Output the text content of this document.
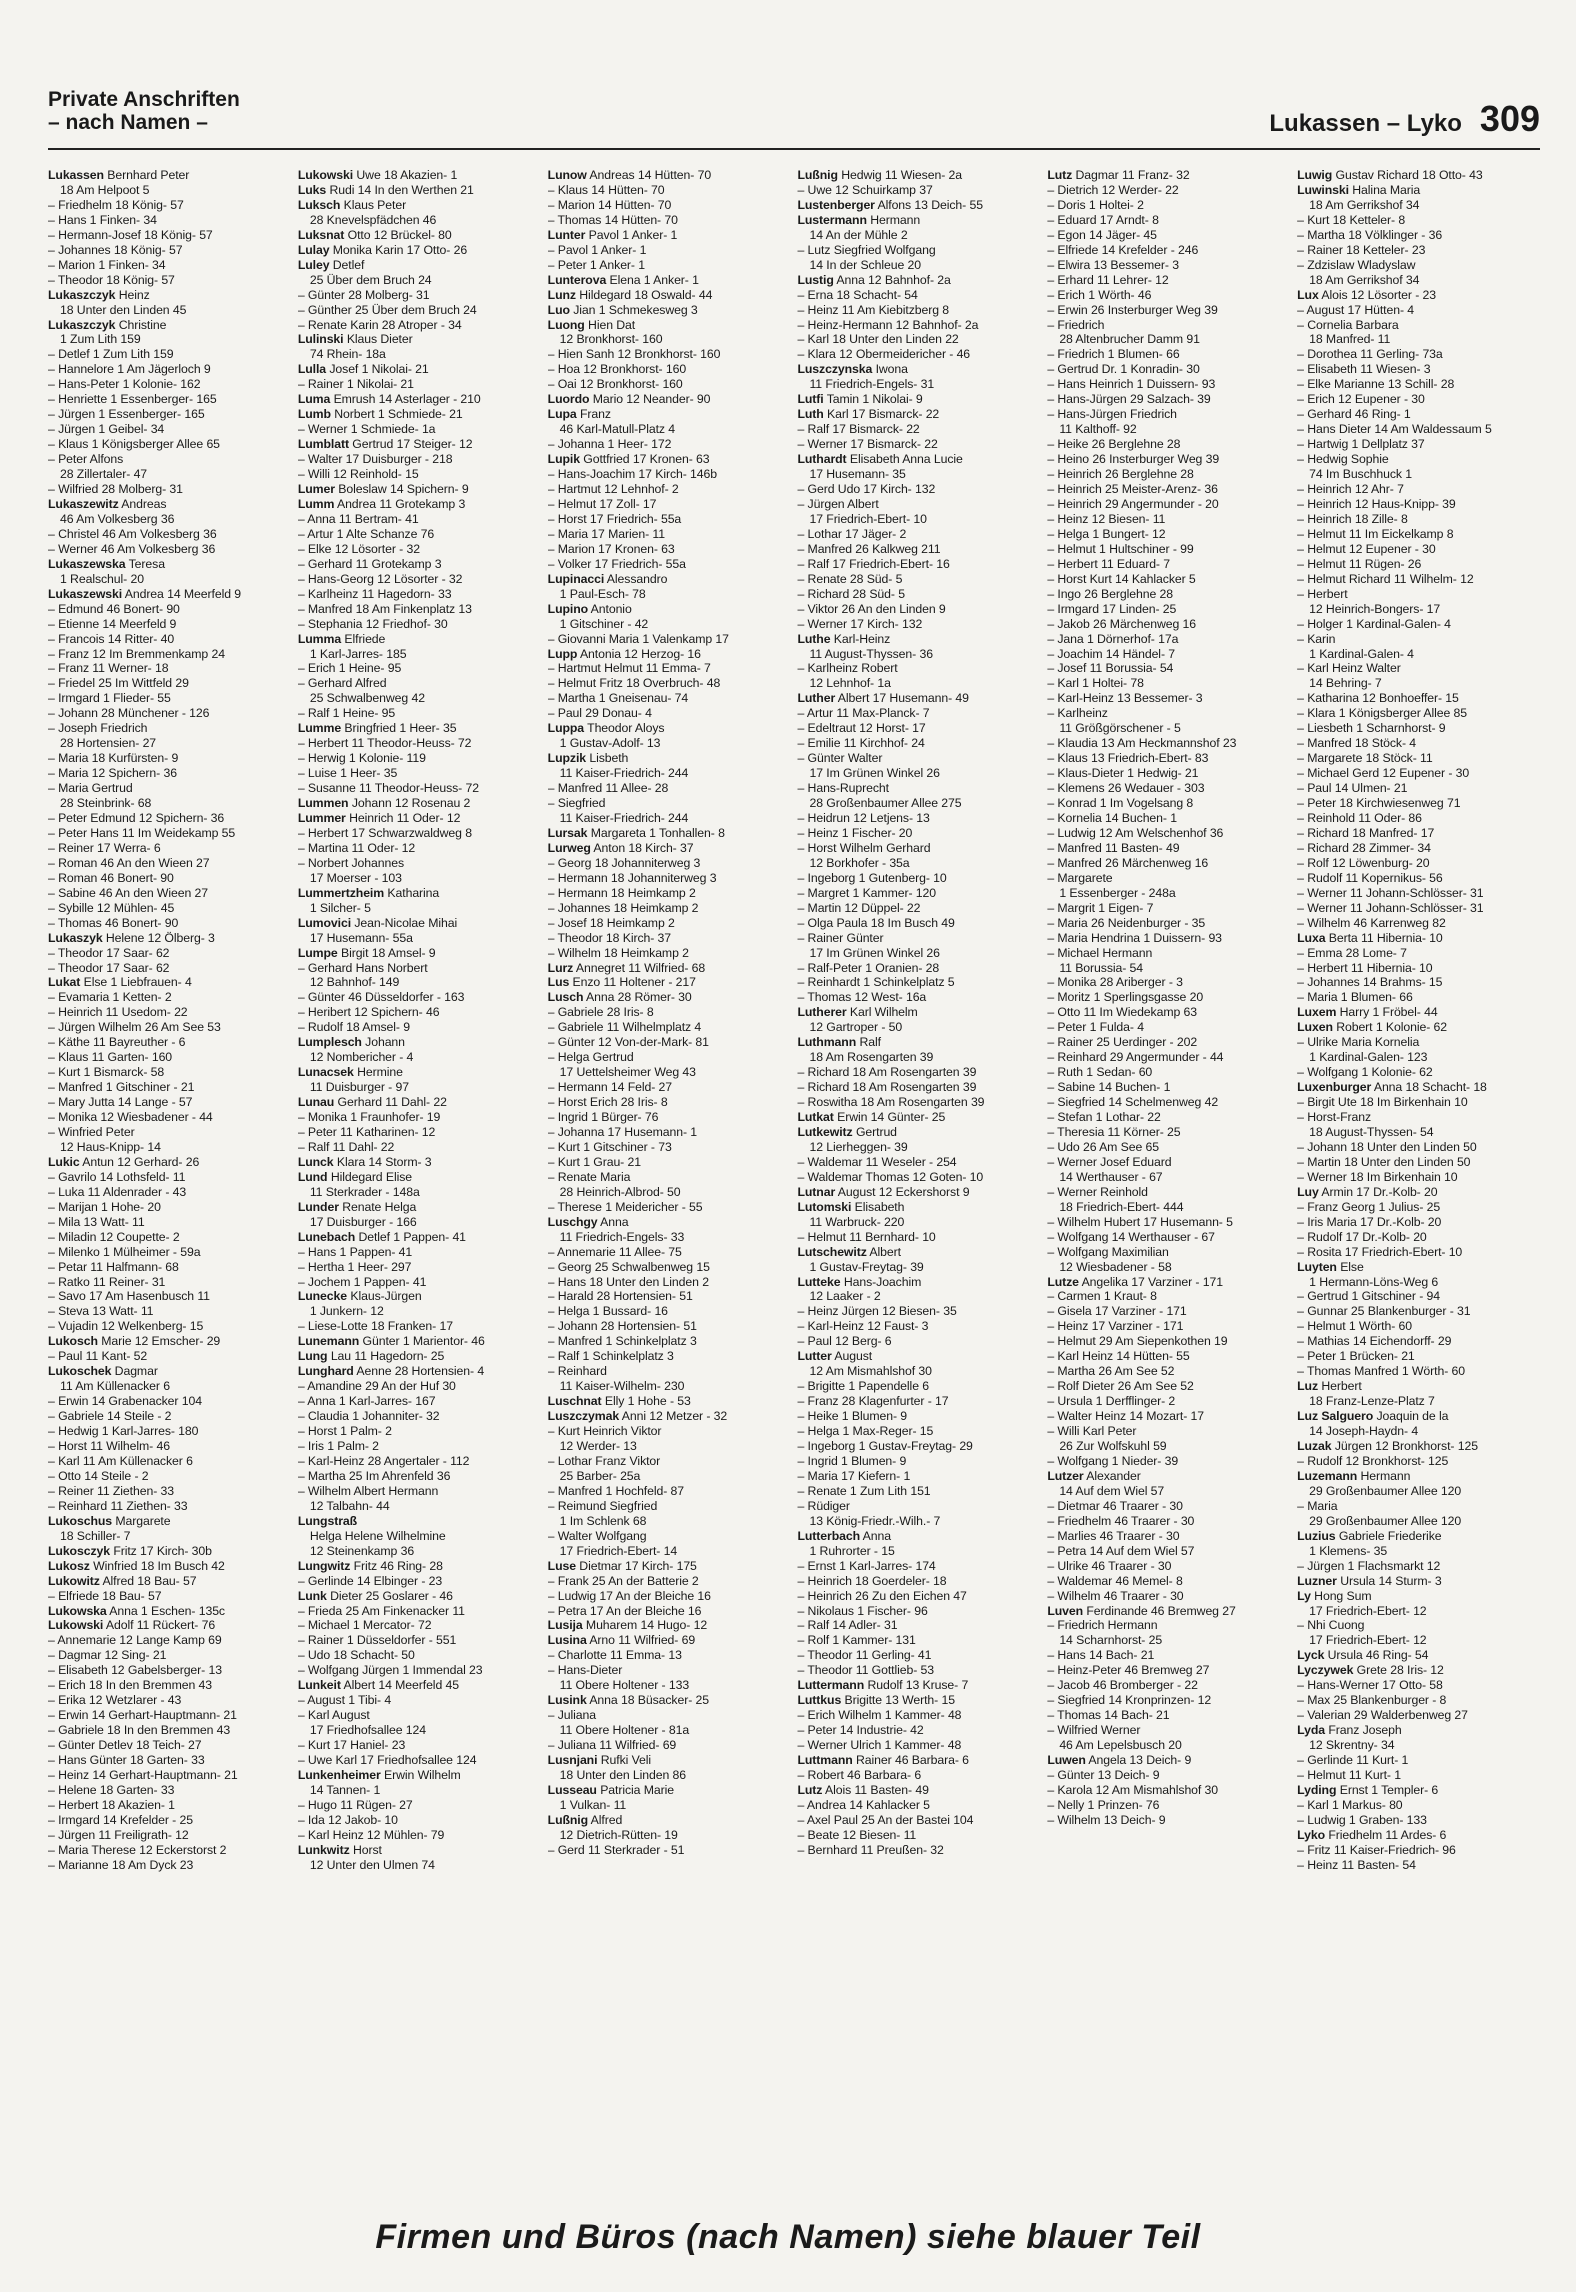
Private Anschriften
– nach Namen –	Lukassen – Lyko 309
Lukassen Bernhard Peter
18 Am Helpoot 5
– Friedhelm 18 König- 57
– Hans 1 Finken- 34
– Hermann-Josef 18 König- 57
– Johannes 18 König- 57
– Marion 1 Finken- 34
– Theodor 18 König- 57
Lukaszczyk Heinz
18 Unter den Linden 45
Lukaszczyk Christine
1 Zum Lith 159
– Detlef 1 Zum Lith 159
– Hannelore 1 Am Jägerloch 9
– Hans-Peter 1 Kolonie- 162
– Henriette 1 Essenberger- 165
– Jürgen 1 Essenberger- 165
– Jürgen 1 Geibel- 34
– Klaus 1 Königsberger Allee 65
– Peter Alfons
28 Zillertaler- 47
– Wilfried 28 Molberg- 31
Lukaszewitz Andreas
46 Am Volkesberg 36
– Christel 46 Am Volkesberg 36
– Werner 46 Am Volkesberg 36
Lukaszewska Teresa
1 Realschul- 20
Lukaszewski Andrea 14 Meerfeld 9
– Edmund 46 Bonert- 90
– Etienne 14 Meerfeld 9
– Francois 14 Ritter- 40
– Franz 12 Im Bremmenkamp 24
– Franz 11 Werner- 18
– Friedel 25 Im Wittfeld 29
– Irmgard 1 Flieder- 55
– Johann 28 Münchener - 126
– Joseph Friedrich
28 Hortensien- 27
– Maria 18 Kurfürsten- 9
– Maria 12 Spichern- 36
– Maria Gertrud
28 Steinbrink- 68
– Peter Edmund 12 Spichern- 36
– Peter Hans 11 Im Weidekamp 55
– Reiner 17 Werra- 6
– Roman 46 An den Wieen 27
– Roman 46 Bonert- 90
– Sabine 46 An den Wieen 27
– Sybille 12 Mühlen- 45
– Thomas 46 Bonert- 90
Lukaszyk Helene 12 Ölberg- 3
– Theodor 17 Saar- 62
– Theodor 17 Saar- 62
Lukat Else 1 Liebfrauen- 4
– Evamaria 1 Ketten- 2
– Heinrich 11 Usedom- 22
– Jürgen Wilhelm 26 Am See 53
– Käthe 11 Bayreuther - 6
– Klaus 11 Garten- 160
– Kurt 1 Bismarck- 58
– Manfred 1 Gitschiner - 21
– Mary Jutta 14 Lange - 57
– Monika 12 Wiesbadener - 44
– Winfried Peter
12 Haus-Knipp- 14
Lukic Antun 12 Gerhard- 26
– Gavrilo 14 Lothsfeld- 11
– Luka 11 Aldenrader - 43
– Marijan 1 Hohe- 20
– Mila 13 Watt- 11
– Miladin 12 Coupette- 2
– Milenko 1 Mülheimer - 59a
– Petar 11 Halfmann- 68
– Ratko 11 Reiner- 31
– Savo 17 Am Hasenbusch 11
– Steva 13 Watt- 11
– Vujadin 12 Welkenberg- 15
Lukosch Marie 12 Emscher- 29
– Paul 11 Kant- 52
Lukoschek Dagmar
11 Am Küllenacker 6
– Erwin 14 Grabenacker 104
– Gabriele 14 Steile - 2
– Hedwig 1 Karl-Jarres- 180
– Horst 11 Wilhelm- 46
– Karl 11 Am Küllenacker 6
– Otto 14 Steile - 2
– Reiner 11 Ziethen- 33
– Reinhard 11 Ziethen- 33
Lukoschus Margarete
18 Schiller- 7
Lukosczyk Fritz 17 Kirch- 30b
Lukosz Winfried 18 Im Busch 42
Lukowitz Alfred 18 Bau- 57
– Elfriede 18 Bau- 57
Lukowska Anna 1 Eschen- 135c
Lukowski Adolf 11 Rückert- 76
– Annemarie 12 Lange Kamp 69
– Dagmar 12 Sing- 21
– Elisabeth 12 Gabelsberger- 13
– Erich 18 In den Bremmen 43
– Erika 12 Wetzlarer - 43
– Erwin 14 Gerhart-Hauptmann- 21
– Gabriele 18 In den Bremmen 43
– Günter Detlev 18 Teich- 27
– Hans Günter 18 Garten- 33
– Heinz 14 Gerhart-Hauptmann- 21
– Helene 18 Garten- 33
– Herbert 18 Akazien- 1
– Irmgard 14 Krefelder - 25
– Jürgen 11 Freiligrath- 12
– Maria Therese 12 Eckerstorst 2
– Marianne 18 Am Dyck 23
Lukowski Uwe 18 Akazien- 1
Luks Rudi 14 In den Werthen 21
Luksch Klaus Peter
28 Knevelspfädchen 46
Luksnat Otto 12 Brückel- 80
Lulay Monika Karin 17 Otto- 26
Luley Detlef
25 Über dem Bruch 24
– Günter 28 Molberg- 31
– Günther 25 Über dem Bruch 24
– Renate Karin 28 Atroper - 34
Lulinski Klaus Dieter
74 Rhein- 18a
Lulla Josef 1 Nikolai- 21
– Rainer 1 Nikolai- 21
Luma Emrush 14 Asterlager - 210
Lumb Norbert 1 Schmiede- 21
– Werner 1 Schmiede- 1a
Lumblatt Gertrud 17 Steiger- 12
– Walter 17 Duisburger - 218
– Willi 12 Reinhold- 15
Lumer Boleslaw 14 Spichern- 9
Lumm Andrea 11 Grotekamp 3
– Anna 11 Bertram- 41
– Artur 1 Alte Schanze 76
– Elke 12 Lösorter - 32
– Gerhard 11 Grotekamp 3
– Hans-Georg 12 Lösorter - 32
– Karlheinz 11 Hagedorn- 33
– Manfred 18 Am Finkenplatz 13
– Stephania 12 Friedhof- 30
Lumma Elfriede
1 Karl-Jarres- 185
– Erich 1 Heine- 95
– Gerhard Alfred
25 Schwalbenweg 42
– Ralf 1 Heine- 95
Lumme Bringfried 1 Heer- 35
– Herbert 11 Theodor-Heuss- 72
– Herwig 1 Kolonie- 119
– Luise 1 Heer- 35
– Susanne 11 Theodor-Heuss- 72
Lummen Johann 12 Rosenau 2
Lummer Heinrich 11 Oder- 12
– Herbert 17 Schwarzwaldweg 8
– Martina 11 Oder- 12
– Norbert Johannes
17 Moerser - 103
Lummertzheim Katharina
1 Silcher- 5
Lumovici Jean-Nicolae Mihai
17 Husemann- 55a
Lumpe Birgit 18 Amsel- 9
– Gerhard Hans Norbert
12 Bahnhof- 149
– Günter 46 Düsseldorfer - 163
– Heribert 12 Spichern- 46
– Rudolf 18 Amsel- 9
Lumplesch Johann
12 Nombericher - 4
Lunacsek Hermine
11 Duisburger - 97
Lunau Gerhard 11 Dahl- 22
– Monika 1 Fraunhofer- 19
– Peter 11 Katharinen- 12
– Ralf 11 Dahl- 22
Lunck Klara 14 Storm- 3
Lund Hildegard Elise
11 Sterkrader - 148a
Lunder Renate Helga
17 Duisburger - 166
Lunebach Detlef 1 Pappen- 41
– Hans 1 Pappen- 41
– Hertha 1 Heer- 297
– Jochem 1 Pappen- 41
Lunecke Klaus-Jürgen
1 Junkern- 12
– Liese-Lotte 18 Franken- 17
Lunemann Günter 1 Marientor- 46
Lung Lau 11 Hagedorn- 25
Lunghard Aenne 28 Hortensien- 4
– Amandine 29 An der Huf 30
– Anna 1 Karl-Jarres- 167
– Claudia 1 Johanniter- 32
– Horst 1 Palm- 2
– Iris 1 Palm- 2
– Karl-Heinz 28 Angertaler - 112
– Martha 25 Im Ahrenfeld 36
– Wilhelm Albert Hermann
12 Talbahn- 44
Lungstraß
Helga Helene Wilhelmine
12 Steinenkamp 36
Lungwitz Fritz 46 Ring- 28
– Gerlinde 14 Elbinger - 23
Lunk Dieter 25 Goslarer - 46
– Frieda 25 Am Finkenacker 11
– Michael 1 Mercator- 72
– Rainer 1 Düsseldorfer - 551
– Udo 18 Schacht- 50
– Wolfgang Jürgen 1 Immendal 23
Lunkeit Albert 14 Meerfeld 45
– August 1 Tibi- 4
– Karl August
17 Friedhofsallee 124
– Kurt 17 Haniel- 23
– Uwe Karl 17 Friedhofsallee 124
Lunkenheimer Erwin Wilhelm
14 Tannen- 1
– Hugo 11 Rügen- 27
– Ida 12 Jakob- 10
– Karl Heinz 12 Mühlen- 79
Lunkwitz Horst
12 Unter den Ulmen 74
Lunow Andreas 14 Hütten- 70
– Klaus 14 Hütten- 70
– Marion 14 Hütten- 70
– Thomas 14 Hütten- 70
Lunter Pavol 1 Anker- 1
– Pavol 1 Anker- 1
– Peter 1 Anker- 1
Lunterova Elena 1 Anker- 1
Lunz Hildegard 18 Oswald- 44
Luo Jian 1 Schmekesweg 3
Luong Hien Dat
12 Bronkhorst- 160
– Hien Sanh 12 Bronkhorst- 160
– Hoa 12 Bronkhorst- 160
– Oai 12 Bronkhorst- 160
Luordo Mario 12 Neander- 90
Lupa Franz
46 Karl-Matull-Platz 4
– Johanna 1 Heer- 172
Lupik Gottfried 17 Kronen- 63
– Hans-Joachim 17 Kirch- 146b
– Hartmut 12 Lehnhof- 2
– Helmut 17 Zoll- 17
– Horst 17 Friedrich- 55a
– Maria 17 Marien- 11
– Marion 17 Kronen- 63
– Volker 17 Friedrich- 55a
Lupinacci Alessandro
1 Paul-Esch- 78
Lupino Antonio
1 Gitschiner - 42
– Giovanni Maria 1 Valenkamp 17
Lupp Antonia 12 Herzog- 16
– Hartmut Helmut 11 Emma- 7
– Helmut Fritz 18 Overbruch- 48
– Martha 1 Gneisenau- 74
– Paul 29 Donau- 4
Luppa Theodor Aloys
1 Gustav-Adolf- 13
Lupzik Lisbeth
11 Kaiser-Friedrich- 244
– Manfred 11 Allee- 28
– Siegfried
11 Kaiser-Friedrich- 244
Lursak Margareta 1 Tonhallen- 8
Lurweg Anton 18 Kirch- 37
– Georg 18 Johanniterweg 3
– Hermann 18 Johanniterweg 3
– Hermann 18 Heimkamp 2
– Johannes 18 Heimkamp 2
– Josef 18 Heimkamp 2
– Theodor 18 Kirch- 37
– Wilhelm 18 Heimkamp 2
Lurz Annegret 11 Wilfried- 68
Lus Enzo 11 Holtener - 217
Lusch Anna 28 Römer- 30
– Gabriele 28 Iris- 8
– Gabriele 11 Wilhelmplatz 4
– Günter 12 Von-der-Mark- 81
– Helga Gertrud
17 Uettelsheimer Weg 43
– Hermann 14 Feld- 27
– Horst Erich 28 Iris- 8
– Ingrid 1 Bürger- 76
– Johanna 17 Husemann- 1
– Kurt 1 Gitschiner - 73
– Kurt 1 Grau- 21
– Renate Maria
28 Heinrich-Albrod- 50
– Therese 1 Meidericher - 55
Luschgy Anna
11 Friedrich-Engels- 33
– Annemarie 11 Allee- 75
– Georg 25 Schwalbenweg 15
– Hans 18 Unter den Linden 2
– Harald 28 Hortensien- 51
– Helga 1 Bussard- 16
– Johann 28 Hortensien- 51
– Manfred 1 Schinkelplatz 3
– Ralf 1 Schinkelplatz 3
– Reinhard
11 Kaiser-Wilhelm- 230
Luschnat Elly 1 Hohe - 53
Luszczymak Anni 12 Metzer - 32
– Kurt Heinrich Viktor
12 Werder- 13
– Lothar Franz Viktor
25 Barber- 25a
– Manfred 1 Hochfeld- 87
– Reimund Siegfried
1 Im Schlenk 68
– Walter Wolfgang
17 Friedrich-Ebert- 14
Luse Dietmar 17 Kirch- 175
– Frank 25 An der Batterie 2
– Ludwig 17 An der Bleiche 16
– Petra 17 An der Bleiche 16
Lusija Muharem 14 Hugo- 12
Lusina Arno 11 Wilfried- 69
– Charlotte 11 Emma- 13
– Hans-Dieter
11 Obere Holtener - 133
Lusink Anna 18 Büsacker- 25
– Juliana
11 Obere Holtener - 81a
– Juliana 11 Wilfried- 69
Lusnjani Rufki Veli
18 Unter den Linden 86
Lusseau Patricia Marie
1 Vulkan- 11
Lußnig Alfred
12 Dietrich-Rütten- 19
– Gerd 11 Sterkrader - 51
Lußnig Hedwig 11 Wiesen- 2a
– Uwe 12 Schuirkamp 37
Lustenberger Alfons 13 Deich- 55
Lustermann Hermann
14 An der Mühle 2
– Lutz Siegfried Wolfgang
14 In der Schleue 20
Lustig Anna 12 Bahnhof- 2a
– Erna 18 Schacht- 54
– Heinz 11 Am Kiebitzberg 8
– Heinz-Hermann 12 Bahnhof- 2a
– Karl 18 Unter den Linden 22
– Klara 12 Obermeidericher - 46
Luszczynska Iwona
11 Friedrich-Engels- 31
Lutfi Tamin 1 Nikolai- 9
Luth Karl 17 Bismarck- 22
– Ralf 17 Bismarck- 22
– Werner 17 Bismarck- 22
Luthardt Elisabeth Anna Lucie
17 Husemann- 35
– Gerd Udo 17 Kirch- 132
– Jürgen Albert
17 Friedrich-Ebert- 10
– Lothar 17 Jäger- 2
– Manfred 26 Kalkweg 211
– Ralf 17 Friedrich-Ebert- 16
– Renate 28 Süd- 5
– Richard 28 Süd- 5
– Viktor 26 An den Linden 9
– Werner 17 Kirch- 132
Luthe Karl-Heinz
11 August-Thyssen- 36
– Karlheinz Robert
12 Lehnhof- 1a
Luther Albert 17 Husemann- 49
– Artur 11 Max-Planck- 7
– Edeltraut 12 Horst- 17
– Emilie 11 Kirchhof- 24
– Günter Walter
17 Im Grünen Winkel 26
– Hans-Ruprecht
28 Großenbaumer Allee 275
– Heidrun 12 Letjens- 13
– Heinz 1 Fischer- 20
– Horst Wilhelm Gerhard
12 Borkhofer - 35a
– Ingeborg 1 Gutenberg- 10
– Margret 1 Kammer- 120
– Martin 12 Düppel- 22
– Olga Paula 18 Im Busch 49
– Rainer Günter
17 Im Grünen Winkel 26
– Ralf-Peter 1 Oranien- 28
– Reinhardt 1 Schinkelplatz 5
– Thomas 12 West- 16a
Lutherer Karl Wilhelm
12 Gartroper - 50
Luthmann Ralf
18 Am Rosengarten 39
– Richard 18 Am Rosengarten 39
– Richard 18 Am Rosengarten 39
– Roswitha 18 Am Rosengarten 39
Lutkat Erwin 14 Günter- 25
Lutkewitz Gertrud
12 Lierheggen- 39
– Waldemar 11 Weseler - 254
– Waldemar Thomas 12 Goten- 10
Lutnar August 12 Eckershorst 9
Lutomski Elisabeth
11 Warbruck- 220
– Helmut 11 Bernhard- 10
Lutschewitz Albert
1 Gustav-Freytag- 39
Lutteke Hans-Joachim
12 Laaker - 2
– Heinz Jürgen 12 Biesen- 35
– Karl-Heinz 12 Faust- 3
– Paul 12 Berg- 6
Lutter August
12 Am Mismahlshof 30
– Brigitte 1 Papendelle 6
– Franz 28 Klagenfurter - 17
– Heike 1 Blumen- 9
– Helga 1 Max-Reger- 15
– Ingeborg 1 Gustav-Freytag- 29
– Ingrid 1 Blumen- 9
– Maria 17 Kiefern- 1
– Renate 1 Zum Lith 151
– Rüdiger
13 König-Friedr.-Wilh.- 7
Lutterbach Anna
1 Ruhrorter - 15
– Ernst 1 Karl-Jarres- 174
– Heinrich 18 Goerdeler- 18
– Heinrich 26 Zu den Eichen 47
– Nikolaus 1 Fischer- 96
– Ralf 14 Adler- 31
– Rolf 1 Kammer- 131
– Theodor 11 Gerling- 41
– Theodor 11 Gottlieb- 53
Luttermann Rudolf 13 Kruse- 7
Luttkus Brigitte 13 Werth- 15
– Erich Wilhelm 1 Kammer- 48
– Peter 14 Industrie- 42
– Werner Ulrich 1 Kammer- 48
Luttmann Rainer 46 Barbara- 6
– Robert 46 Barbara- 6
Lutz Alois 11 Basten- 49
– Andrea 14 Kahlacker 5
– Axel Paul 25 An der Bastei 104
– Beate 12 Biesen- 11
– Bernhard 11 Preußen- 32
Lutz Dagmar 11 Franz- 32
– Dietrich 12 Werder- 22
– Doris 1 Holtei- 2
– Eduard 17 Arndt- 8
– Egon 14 Jäger- 45
– Elfriede 14 Krefelder - 246
– Elwira 13 Bessemer- 3
– Erhard 11 Lehrer- 12
– Erich 1 Wörth- 46
– Erwin 26 Insterburger Weg 39
– Friedrich
28 Altenbrucher Damm 91
– Friedrich 1 Blumen- 66
– Gertrud Dr. 1 Konradin- 30
– Hans Heinrich 1 Duissern- 93
– Hans-Jürgen 29 Salzach- 39
– Hans-Jürgen Friedrich
11 Kalthoff- 92
– Heike 26 Berglehne 28
– Heino 26 Insterburger Weg 39
– Heinrich 26 Berglehne 28
– Heinrich 25 Meister-Arenz- 36
– Heinrich 29 Angermunder - 20
– Heinz 12 Biesen- 11
– Helga 1 Bungert- 12
– Helmut 1 Hultschiner - 99
– Herbert 11 Eduard- 7
– Horst Kurt 14 Kahlacker 5
– Ingo 26 Berglehne 28
– Irmgard 17 Linden- 25
– Jakob 26 Märchenweg 16
– Jana 1 Dörnerhof- 17a
– Joachim 14 Händel- 7
– Josef 11 Borussia- 54
– Karl 1 Holtei- 78
– Karl-Heinz 13 Bessemer- 3
– Karlheinz
11 Größgörschener - 5
– Klaudia 13 Am Heckmannshof 23
– Klaus 13 Friedrich-Ebert- 83
– Klaus-Dieter 1 Hedwig- 21
– Klemens 26 Wedauer - 303
– Konrad 1 Im Vogelsang 8
– Kornelia 14 Buchen- 1
– Ludwig 12 Am Welschenhof 36
– Manfred 11 Basten- 49
– Manfred 26 Märchenweg 16
– Margarete
1 Essenberger - 248a
– Margrit 1 Eigen- 7
– Maria 26 Neidenburger - 35
– Maria Hendrina 1 Duissern- 93
– Michael Hermann
11 Borussia- 54
– Monika 28 Ariberger - 3
– Moritz 1 Sperlingsgasse 20
– Otto 11 Im Wiedekamp 63
– Peter 1 Fulda- 4
– Rainer 25 Uerdinger - 202
– Reinhard 29 Angermunder - 44
– Ruth 1 Sedan- 60
– Sabine 14 Buchen- 1
– Siegfried 14 Schelmenweg 42
– Stefan 1 Lothar- 22
– Theresia 11 Körner- 25
– Udo 26 Am See 65
– Werner Josef Eduard
14 Werthauser - 67
– Werner Reinhold
18 Friedrich-Ebert- 444
– Wilhelm Hubert 17 Husemann- 5
– Wolfgang 14 Werthauser - 67
– Wolfgang Maximilian
12 Wiesbadener - 58
Lutze Angelika 17 Varziner - 171
– Carmen 1 Kraut- 8
– Gisela 17 Varziner - 171
– Heinz 17 Varziner - 171
– Helmut 29 Am Siepenkothen 19
– Karl Heinz 14 Hütten- 55
– Martha 26 Am See 52
– Rolf Dieter 26 Am See 52
– Ursula 1 Derfflinger- 2
– Walter Heinz 14 Mozart- 17
– Willi Karl Peter
26 Zur Wolfskuhl 59
– Wolfgang 1 Nieder- 39
Lutzer Alexander
14 Auf dem Wiel 57
– Dietmar 46 Traarer - 30
– Friedhelm 46 Traarer - 30
– Marlies 46 Traarer - 30
– Petra 14 Auf dem Wiel 57
– Ulrike 46 Traarer - 30
– Waldemar 46 Memel- 8
– Wilhelm 46 Traarer - 30
Luven Ferdinande 46 Bremweg 27
– Friedrich Hermann
14 Scharnhorst- 25
– Hans 14 Bach- 21
– Heinz-Peter 46 Bremweg 27
– Jacob 46 Bromberger - 22
– Siegfried 14 Kronprinzen- 12
– Thomas 14 Bach- 21
– Wilfried Werner
46 Am Lepelsbusch 20
Luwen Angela 13 Deich- 9
– Günter 13 Deich- 9
– Karola 12 Am Mismahlshof 30
– Nelly 1 Prinzen- 76
– Wilhelm 13 Deich- 9
Luwig Gustav Richard 18 Otto- 43
Luwinski Halina Maria
18 Am Gerrikshof 34
– Kurt 18 Ketteler- 8
– Martha 18 Völklinger - 36
– Rainer 18 Ketteler- 23
– Zdzislaw Wladyslaw
18 Am Gerrikshof 34
Lux Alois 12 Lösorter - 23
– August 17 Hütten- 4
– Cornelia Barbara
18 Manfred- 11
– Dorothea 11 Gerling- 73a
– Elisabeth 11 Wiesen- 3
– Elke Marianne 13 Schill- 28
– Erich 12 Eupener - 30
– Gerhard 46 Ring- 1
– Hans Dieter 14 Am Waldessaum 5
– Hartwig 1 Dellplatz 37
– Hedwig Sophie
74 Im Buschhuck 1
– Heinrich 12 Ahr- 7
– Heinrich 12 Haus-Knipp- 39
– Heinrich 18 Zille- 8
– Helmut 11 Im Eickelkamp 8
– Helmut 12 Eupener - 30
– Helmut 11 Rügen- 26
– Helmut Richard 11 Wilhelm- 12
– Herbert
12 Heinrich-Bongers- 17
– Holger 1 Kardinal-Galen- 4
– Karin
1 Kardinal-Galen- 4
– Karl Heinz Walter
14 Behring- 7
– Katharina 12 Bonhoeffer- 15
– Klara 1 Königsberger Allee 85
– Liesbeth 1 Scharnhorst- 9
– Manfred 18 Stöck- 4
– Margarete 18 Stöck- 11
– Michael Gerd 12 Eupener - 30
– Paul 14 Ulmen- 21
– Peter 18 Kirchwiesenweg 71
– Reinhold 11 Oder- 86
– Richard 18 Manfred- 17
– Richard 28 Zimmer- 34
– Rolf 12 Löwenburg- 20
– Rudolf 11 Kopernikus- 56
– Werner 11 Johann-Schlösser- 31
– Werner 11 Johann-Schlösser- 31
– Wilhelm 46 Karrenweg 82
Luxa Berta 11 Hibernia- 10
– Emma 28 Lome- 7
– Herbert 11 Hibernia- 10
– Johannes 14 Brahms- 15
– Maria 1 Blumen- 66
Luxem Harry 1 Fröbel- 44
Luxen Robert 1 Kolonie- 62
– Ulrike Maria Kornelia
1 Kardinal-Galen- 123
– Wolfgang 1 Kolonie- 62
Luxenburger Anna 18 Schacht- 18
– Birgit Ute 18 Im Birkenhain 10
– Horst-Franz
18 August-Thyssen- 54
– Johann 18 Unter den Linden 50
– Martin 18 Unter den Linden 50
– Werner 18 Im Birkenhain 10
Luy Armin 17 Dr.-Kolb- 20
– Franz Georg 1 Julius- 25
– Iris Maria 17 Dr.-Kolb- 20
– Rudolf 17 Dr.-Kolb- 20
– Rosita 17 Friedrich-Ebert- 10
Luyten Else
1 Hermann-Löns-Weg 6
– Gertrud 1 Gitschiner - 94
– Gunnar 25 Blankenburger - 31
– Helmut 1 Wörth- 60
– Mathias 14 Eichendorff- 29
– Peter 1 Brücken- 21
– Thomas Manfred 1 Wörth- 60
Luz Herbert
18 Franz-Lenze-Platz 7
Luz Salguero Joaquin de la
14 Joseph-Haydn- 4
Luzak Jürgen 12 Bronkhorst- 125
– Rudolf 12 Bronkhorst- 125
Luzemann Hermann
29 Großenbaumer Allee 120
– Maria
29 Großenbaumer Allee 120
Luzius Gabriele Friederike
1 Klemens- 35
– Jürgen 1 Flachsmarkt 12
Luzner Ursula 14 Sturm- 3
Ly Hong Sum
17 Friedrich-Ebert- 12
– Nhi Cuong
17 Friedrich-Ebert- 12
Lyck Ursula 46 Ring- 54
Lyczywek Grete 28 Iris- 12
– Hans-Werner 17 Otto- 58
– Max 25 Blankenburger - 8
– Valerian 29 Walderbenweg 27
Lyda Franz Joseph
12 Skrentny- 34
– Gerlinde 11 Kurt- 1
– Helmut 11 Kurt- 1
Lyding Ernst 1 Templer- 6
– Karl 1 Markus- 80
– Ludwig 1 Graben- 133
Lyko Friedhelm 11 Ardes- 6
– Fritz 11 Kaiser-Friedrich- 96
– Heinz 11 Basten- 54
Firmen und Büros (nach Namen) siehe blauer Teil
